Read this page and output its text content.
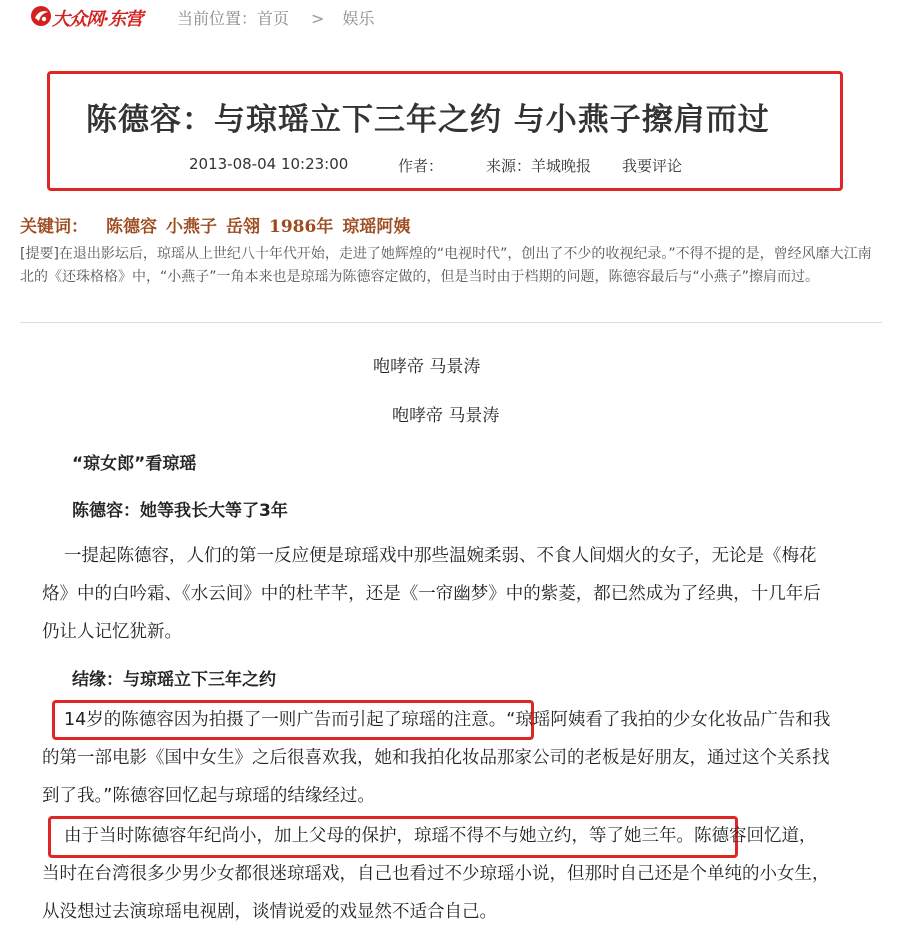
大众网·东营 当前位置：首页 > 娱乐
陈德容：与琼瑶立下三年之约 与小燕子擦肩而过
2013-08-04 10:23:00	作者：	来源：羊城晚报 我要评论
关键词： 陈德容 小燕子 岳翎 1986年 琼瑶阿姨
[提要]在退出影坛后，琼瑶从上世纪八十年代开始，走进了她辉煌的“电视时代”，创出了不少的收视纪录。”不得不提的是，曾经风靡大江南北的《还珠格格》中，“小燕子”一角本来也是琼瑶为陈德容定做的，但是当时由于档期的问题，陈德容最后与“小燕子”擦肩而过。
咆哮帝 马景涛
咆哮帝 马景涛
“琼女郎”看琼瑶
陈德容：她等我长大等了3年
一提起陈德容，人们的第一反应便是琼瑶戏中那些温婉柔弱、不食人间烟火的女子，无论是《梅花烙》中的白吟霜、《水云间》中的杜芊芊，还是《一帘幽梦》中的紫菱，都已然成为了经典，十几年后仍让人记忆犹新。
结缘：与琼瑶立下三年之约
14岁的陈德容因为拍摄了一则广告而引起了琼瑶的注意。“琼瑶阿姨看了我拍的少女化妆品广告和我的第一部电影《国中女生》之后很喜欢我，她和我拍化妆品那家公司的老板是好朋友，通过这个关系找到了我。”陈德容回忆起与琼瑶的结缘经过。
由于当时陈德容年纪尚小，加上父母的保护，琼瑶不得不与她立约，等了她三年。陈德容回忆道，当时在台湾很多少男少女都很迷琼瑶戏，自己也看过不少琼瑶小说，但那时自己还是个单纯的小女生，从没想过去演琼瑶电视剧，谈情说爱的戏显然不适合自己。
